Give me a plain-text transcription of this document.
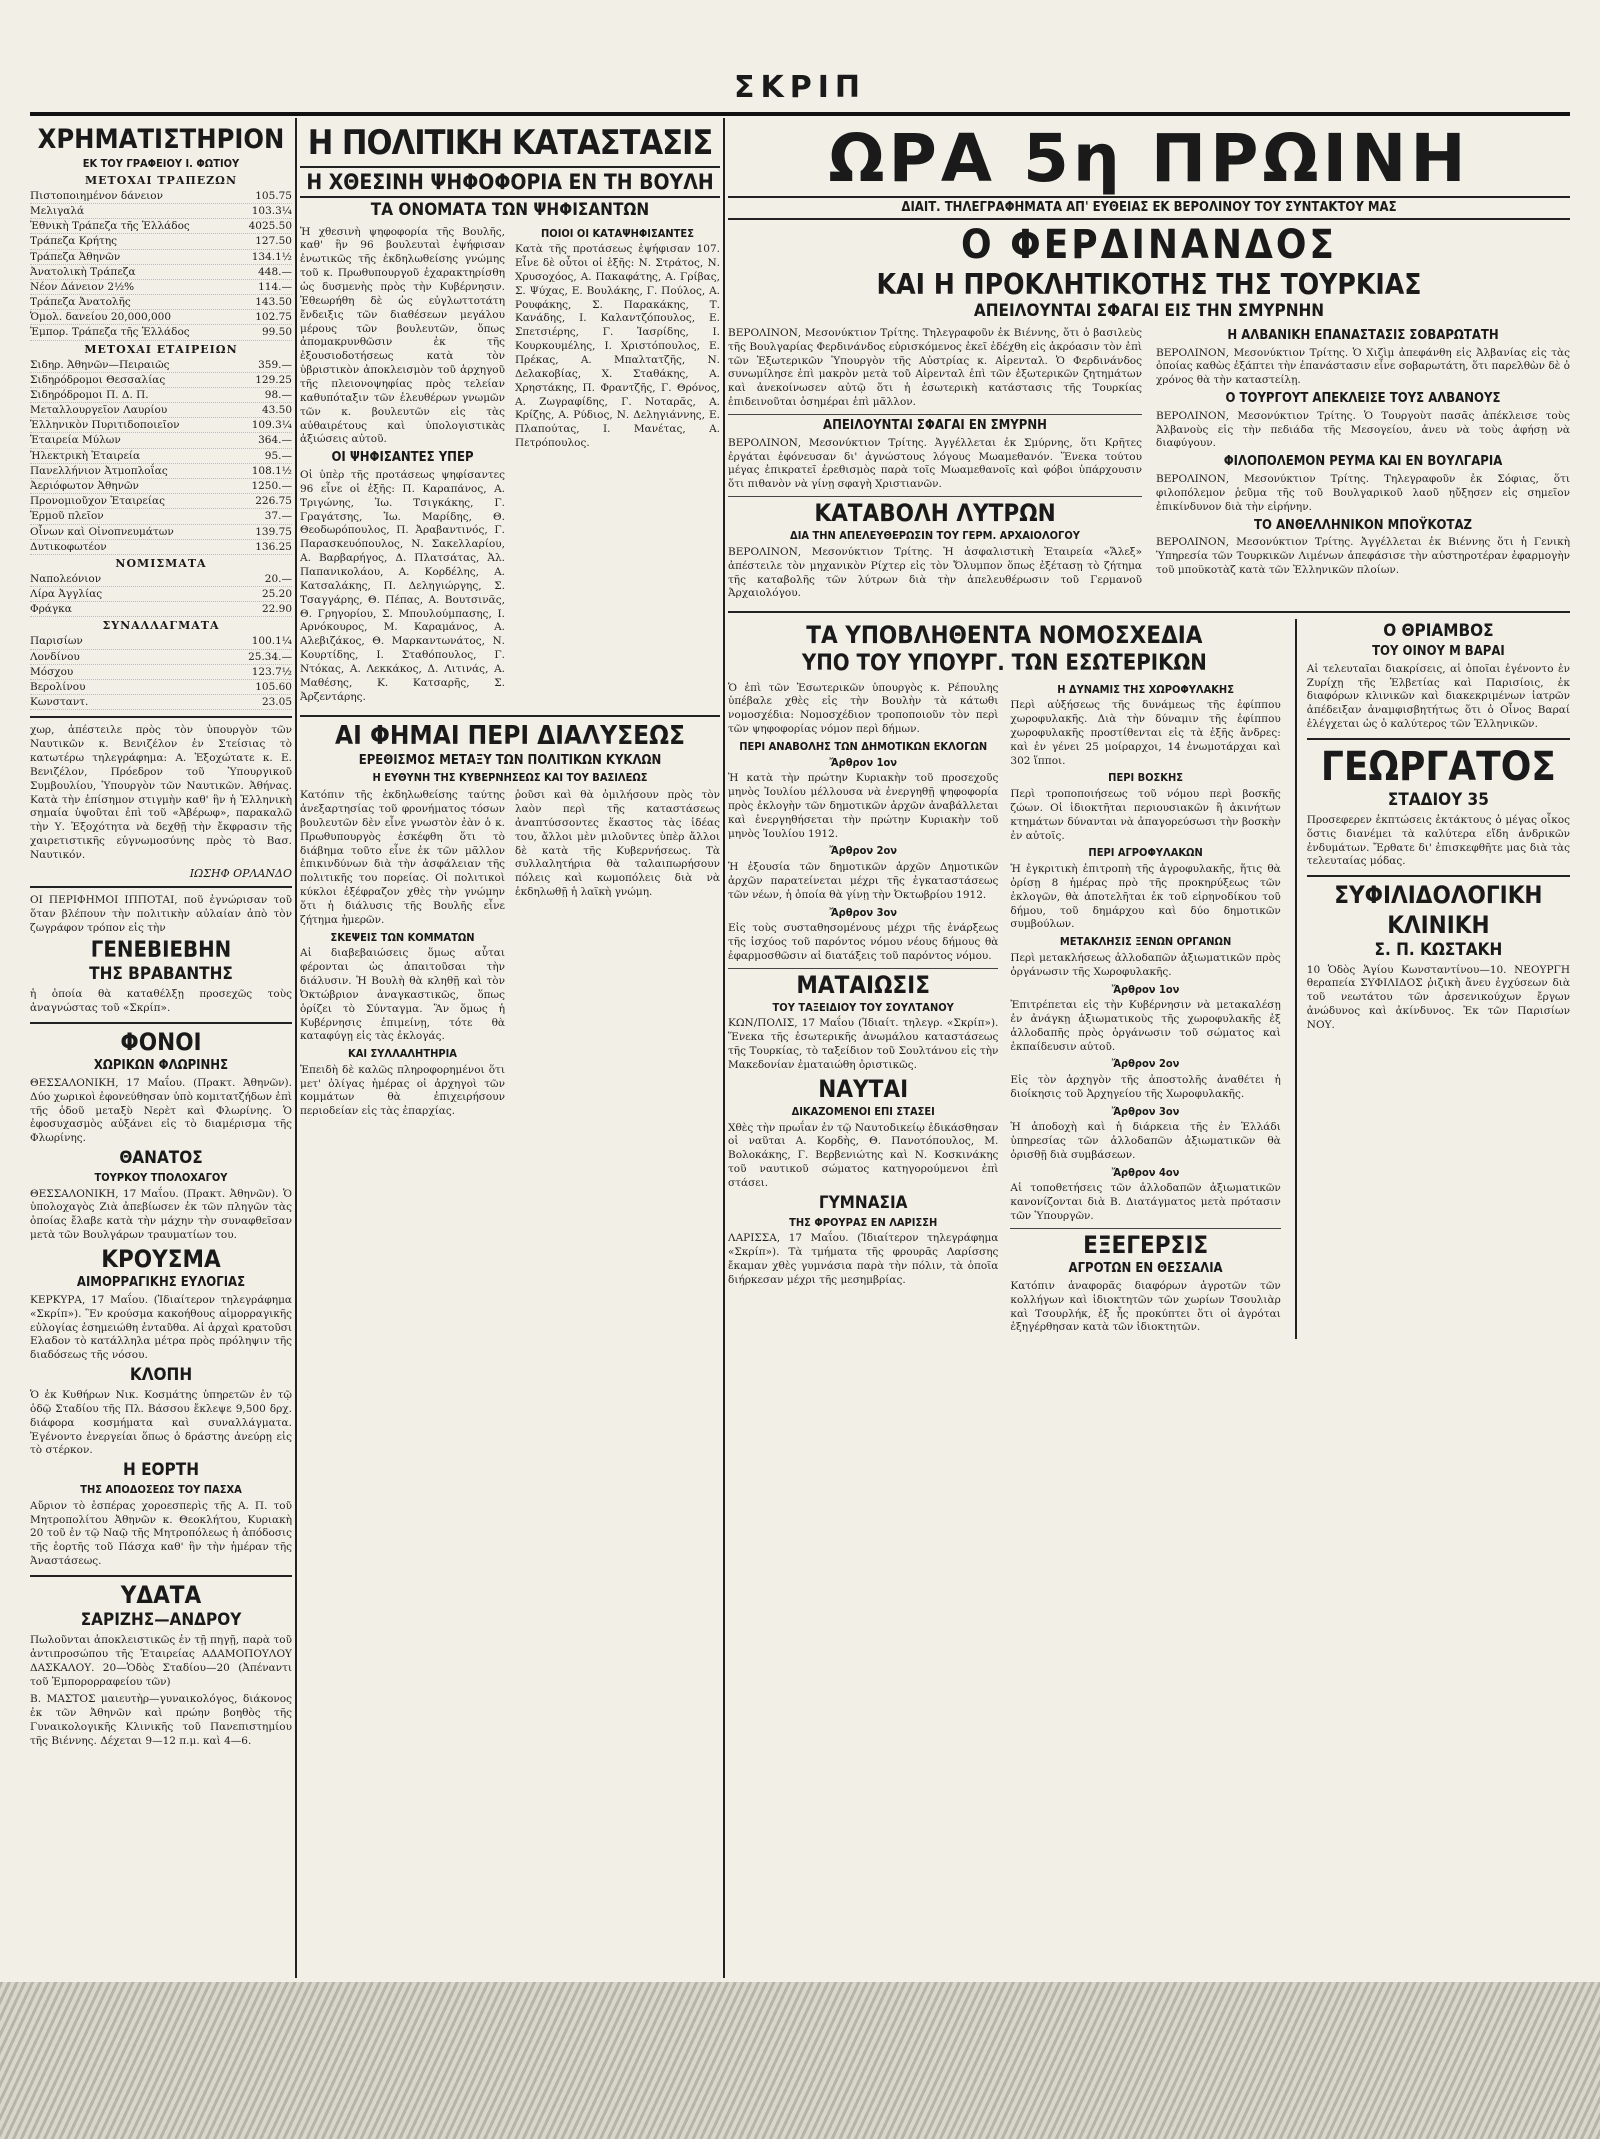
ΣΚΡΙΠ
ΧΡΗΜΑΤΙΣΤΗΡΙΟΝ
ΕΚ ΤΟΥ ΓΡΑΦΕΙΟΥ Ι. ΦΩΤΙΟΥ
ΜΕΤΟΧΑΙ ΤΡΑΠΕΖΩΝ
Πιστοποιημένον δάνειον	105.75
Μελιγαλά	103.3¼
Ἐθνικὴ Τράπεζα τῆς Ἑλλάδος	4025.50
Τράπεζα Κρήτης	127.50
Τράπεζα Ἀθηνῶν	134.1½
Ἀνατολικὴ Τράπεζα	448.—
Νέον Δάνειον 2½%	114.—
Τράπεζα Ἀνατολῆς	143.50
Ὁμολ. δανείου 20,000,000	102.75
Ἐμπορ. Τράπεζα τῆς Ἑλλάδος	99.50
ΜΕΤΟΧΑΙ ΕΤΑΙΡΕΙΩΝ
Σιδηρ. Ἀθηνῶν—Πειραιῶς	359.—
Σιδηρόδρομοι Θεσσαλίας	129.25
Σιδηρόδρομοι Π. Δ. Π.	98.—
Μεταλλουργεῖον Λαυρίου	43.50
Ἑλληνικὸν Πυριτιδοποιεῖον	109.3¼
Ἑταιρεία Μύλων	364.—
Ἠλεκτρικὴ Ἑταιρεία	95.—
Πανελλήνιον Ἀτμοπλοΐας	108.1½
Ἀεριόφωτον Ἀθηνῶν	1250.—
Προνομιοῦχον Ἑταιρείας	226.75
Ἑρμοῦ πλεῖον	37.—
Οἶνων καὶ Οἰνοπνευμάτων	139.75
Δυτικοφωτέον	136.25
ΝΟΜΙΣΜΑΤΑ
Ναπολεόνιον	20.—
Λίρα Ἀγγλίας	25.20
Φράγκα	22.90
ΣΥΝΑΛΛΑΓΜΑΤΑ
Παρισίων	100.1¼
Λονδίνου	25.34.—
Μόσχου	123.7½
Βερολίνου	105.60
Κωνσταντ.	23.05
χωρ, ἀπέστειλε πρὸς τὸν ὑπουργὸν τῶν Ναυτικῶν κ. Βενιζέλον ἐν Στείσιας τὸ κατωτέρω τηλεγράφημα: Α. Ἐξοχώτατε κ. Ε. Βενιζέλον, Πρόεδρον τοῦ Ὑπουργικοῦ Συμβουλίου, Ὑπουργὸν τῶν Ναυτικῶν. Ἀθήνας. Κατὰ τὴν ἐπίσημον στιγμὴν καθ' ἣν ἡ Ἑλληνικὴ σημαία ὑψοῦται ἐπὶ τοῦ «Ἀβέρωφ», παρακαλῶ τὴν Υ. Ἐξοχότητα νὰ δεχθῇ τὴν ἔκφρασιν τῆς χαιρετιστικῆς εὐγνωμοσύνης πρὸς τὸ Βασ. Ναυτικόν.
ΙΩΣΗΦ ΟΡΛΑΝΔΟ
ΟΙ ΠΕΡΙΦΗΜΟΙ ΙΠΠΟΤΑΙ, ποῦ ἐγνώρισαν τοῦ ὅταν βλέπουν τὴν πολιτικὴν αὐλαίαν ἀπὸ τὸν ζωγράφον τρόπον εἰς τὴν
ΓΕΝΕΒΙΕΒΗΝ
ΤΗΣ ΒΡΑΒΑΝΤΗΣ
ἡ ὁποία θὰ καταθέλξῃ προσεχῶς τοὺς ἀναγνώστας τοῦ «Σκρίπ».
ΦΟΝΟΙ
ΧΩΡΙΚΩΝ ΦΛΩΡΙΝΗΣ
ΘΕΣΣΑΛΟΝΙΚΗ, 17 Μαΐου. (Πρακτ. Ἀθηνῶν). Δύο χωρικοὶ ἐφονεύθησαν ὑπὸ κομιτατζήδων ἐπὶ τῆς ὁδοῦ μεταξὺ Νερὲτ καὶ Φλωρίνης. Ὁ ἐφοσυχασμὸς αὐξάνει εἰς τὸ διαμέρισμα τῆς Φλωρίνης.
ΘΑΝΑΤΟΣ
ΤΟΥΡΚΟΥ ΤΠΟΛΟΧΑΓΟΥ
ΘΕΣΣΑΛΟΝΙΚΗ, 17 Μαΐου. (Πρακτ. Ἀθηνῶν). Ὁ ὑπολοχαγὸς Ζιὰ ἀπεβίωσεν ἐκ τῶν πληγῶν τὰς ὁποίας ἔλαβε κατὰ τὴν μάχην τὴν συναφθεῖσαν μετὰ τῶν Βουλγάρων τραυματίων του.
ΚΡΟΥΣΜΑ
ΑΙΜΟΡΡΑΓΙΚΗΣ ΕΥΛΟΓΙΑΣ
ΚΕΡΚΥΡΑ, 17 Μαΐου. (Ἰδιαίτερον τηλεγράφημα «Σκρίπ»). Ἓν κρούσμα κακοήθους αἱμορραγικῆς εὐλογίας ἐσημειώθη ἐνταῦθα. Αἱ ἀρχαὶ κρατοῦσι Ελαδον τὸ κατάλληλα μέτρα πρὸς πρόληψιν τῆς διαδόσεως τῆς νόσου.
ΚΛΟΠΗ
Ὁ ἐκ Κυθήρων Νικ. Κοσμάτης ὑπηρετῶν ἐν τῷ ὁδῷ Σταδίου τῆς Πλ. Βάσσου ἔκλεψε 9,500 δρχ. διάφορα κοσμήματα καὶ συναλλάγματα. Ἐγένοντο ἐνεργείαι ὅπως ὁ δράστης ἀνεύρῃ εἰς τὸ στέρκον.
Η ΕΟΡΤΗ
ΤΗΣ ΑΠΟΔΟΣΕΩΣ ΤΟΥ ΠΑΣΧΑ
Αὔριον τὸ ἑσπέρας χοροεσπερὶς τῆς Α. Π. τοῦ Μητροπολίτου Ἀθηνῶν κ. Θεοκλήτου, Κυριακὴ 20 τοῦ ἐν τῷ Ναῷ τῆς Μητροπόλεως ἡ ἀπόδοσις τῆς ἑορτῆς τοῦ Πάσχα καθ' ἣν τὴν ἡμέραν τῆς Ἀναστάσεως.
ΥΔΑΤΑ
ΣΑΡΙΖΗΣ—ΑΝΔΡΟΥ
Πωλοῦνται ἀποκλειστικῶς ἐν τῇ πηγῇ, παρὰ τοῦ ἀντιπροσώπου τῆς Ἑταιρείας ΑΔΑΜΟΠΟΥΛΟΥ ΔΑΣΚΑΛΟΥ. 20—Ὁδὸς Σταδίου—20 (Ἀπέναντι τοῦ Ἐμπορορραφείου τῶν)
Β. ΜΑΣΤΟΣ μαιευτὴρ—γυναικολόγος, διάκονος ἐκ τῶν Ἀθηνῶν καὶ πρώην βοηθὸς τῆς Γυναικολογικῆς Κλινικῆς τοῦ Πανεπιστημίου τῆς Βιέννης. Δέχεται 9—12 π.μ. καὶ 4—6.
Η ΠΟΛΙΤΙΚΗ ΚΑΤΑΣΤΑΣΙΣ
Η ΧΘΕΣΙΝΗ ΨΗΦΟΦΟΡΙΑ ΕΝ ΤΗ ΒΟΥΛΗ
ΤΑ ΟΝΟΜΑΤΑ ΤΩΝ ΨΗΦΙΣΑΝΤΩΝ
Ἡ χθεσινὴ ψηφοφορία τῆς Βουλῆς, καθ' ἣν 96 βουλευταὶ ἐψήφισαν ἐνωτικῶς τῆς ἐκδηλωθείσης γνώμης τοῦ κ. Πρωθυπουργοῦ ἐχαρακτηρίσθη ὡς δυσμενὴς πρὸς τὴν Κυβέρνησιν. Ἐθεωρήθη δὲ ὡς εὐγλωττοτάτη ἔνδειξις τῶν διαθέσεων μεγάλου μέρους τῶν βουλευτῶν, ὅπως ἀπομακρυνθῶσιν ἐκ τῆς ἐξουσιοδοτήσεως κατὰ τὸν ὑβριστικὸν ἀποκλεισμὸν τοῦ ἀρχηγοῦ τῆς πλειονοψηφίας πρὸς τελείαν καθυπόταξιν τῶν ἐλευθέρων γνωμῶν τῶν κ. βουλευτῶν εἰς τὰς αὐθαιρέτους καὶ ὑπολογιστικὰς ἀξιώσεις αὐτοῦ.
ΟΙ ΨΗΦΙΣΑΝΤΕΣ ΥΠΕΡ
Οἱ ὑπὲρ τῆς προτάσεως ψηφίσαντες 96 εἶνε οἱ ἑξῆς: Π. Καραπάνος, Α. Τριγώνης, Ἰω. Τσιγκάκης, Γ. Γραγάτσης, Ἰω. Μαρίδης, Θ. Θεοδωρόπουλος, Π. Ἀραβαντινός, Γ. Παρασκευόπουλος, Ν. Σακελλαρίου, Α. Βαρβαρήγος, Δ. Πλατσάτας, Ἀλ. Παπανικολάου, Α. Κορδέλης, Α. Κατσαλάκης, Π. Δεληγιώργης, Σ. Τσαγγάρης, Θ. Πέπας, Α. Βουτσινᾶς, Θ. Γρηγορίου, Σ. Μπουλούμπασης, Ι. Αρνόκουρος, Μ. Καραμάνος, Α. Αλεβιζάκος, Θ. Μαρκαντωνάτος, Ν. Κουρτίδης, Ι. Σταθόπουλος, Γ. Ντόκας, Α. Λεκκάκος, Δ. Λιτινάς, Α. Μαθέσης, Κ. Κατσαρῆς, Σ. Ἀρζεντάρης.
ΠΟΙΟΙ ΟΙ ΚΑΤΑΨΗΦΙΣΑΝΤΕΣ
Κατὰ τῆς προτάσεως ἐψήφισαν 107. Εἶνε δὲ οὗτοι οἱ ἑξῆς: Ν. Στράτος, Ν. Χρυσοχόος, Α. Πακαφάτης, Α. Γρίβας, Σ. Ψύχας, Ε. Βουλάκης, Γ. Πούλος, Α. Ρουφάκης, Σ. Παρακάκης, Τ. Κανάδης, Ι. Καλαντζόπουλος, Ε. Σπετσιέρης, Γ. Ἰασρίδης, Ι. Κουρκουμέλης, Ι. Χριστόπουλος, Ε. Πρέκας, Α. Μπαλτατζῆς, Ν. Δελακοβίας, Χ. Σταθάκης, Α. Χρηστάκης, Π. Φραντζῆς, Γ. Θρόνος, Α. Ζωγραφίδης, Γ. Νοταρᾶς, Α. Κρίζης, Α. Ρύδιος, Ν. Δεληγιάννης, Ε. Πλαπούτας, Ι. Μανέτας, Α. Πετρόπουλος.
ΑΙ ΦΗΜΑΙ ΠΕΡΙ ΔΙΑΛΥΣΕΩΣ
ΕΡΕΘΙΣΜΟΣ ΜΕΤΑΞΥ ΤΩΝ ΠΟΛΙΤΙΚΩΝ ΚΥΚΛΩΝ
Η ΕΥΘΥΝΗ ΤΗΣ ΚΥΒΕΡΝΗΣΕΩΣ ΚΑΙ ΤΟΥ ΒΑΣΙΛΕΩΣ
Κατόπιν τῆς ἐκδηλωθείσης ταύτης ἀνεξαρτησίας τοῦ φρονήματος τόσων βουλευτῶν δὲν εἶνε γνωστὸν ἐὰν ὁ κ. Πρωθυπουργὸς ἐσκέφθη ὅτι τὸ διάβημα τοῦτο εἶνε ἐκ τῶν μᾶλλον ἐπικινδύνων διὰ τὴν ἀσφάλειαν τῆς πολιτικῆς του πορείας. Οἱ πολιτικοὶ κύκλοι ἐξέφραζον χθὲς τὴν γνώμην ὅτι ἡ διάλυσις τῆς Βουλῆς εἶνε ζήτημα ἡμερῶν.
ΣΚΕΨΕΙΣ ΤΩΝ ΚΟΜΜΑΤΩΝ
Αἱ διαβεβαιώσεις ὅμως αὗται φέρονται ὡς ἀπαιτοῦσαι τὴν διάλυσιν. Ἡ Βουλὴ θὰ κληθῇ καὶ τὸν Ὀκτώβριον ἀναγκαστικῶς, ὅπως ὁρίζει τὸ Σύνταγμα. Ἂν ὅμως ἡ Κυβέρνησις ἐπιμείνῃ, τότε θὰ καταφύγῃ εἰς τὰς ἐκλογάς.
ΚΑΙ ΣΥΛΛΑΛΗΤΗΡΙΑ
Ἐπειδὴ δὲ καλῶς πληροφορημένοι ὅτι μετ' ὀλίγας ἡμέρας οἱ ἀρχηγοὶ τῶν κομμάτων θὰ ἐπιχειρήσουν περιοδείαν εἰς τὰς ἐπαρχίας.
ῥοῦσι καὶ θὰ ὁμιλήσουν πρὸς τὸν λαὸν περὶ τῆς καταστάσεως ἀναπτύσσοντες ἕκαστος τὰς ἰδέας του, ἄλλοι μὲν μιλοῦντες ὑπὲρ ἄλλοι δὲ κατὰ τῆς Κυβερνήσεως. Τὰ συλλαλητήρια θὰ ταλαιπωρήσουν πόλεις καὶ κωμοπόλεις διὰ νὰ ἐκδηλωθῇ ἡ λαϊκὴ γνώμη.
ΩΡΑ 5η ΠΡΩΙΝΗ
ΔΙΑΙΤ. ΤΗΛΕΓΡΑΦΗΜΑΤΑ ΑΠ' ΕΥΘΕΙΑΣ ΕΚ ΒΕΡΟΛΙΝΟΥ ΤΟΥ ΣΥΝΤΑΚΤΟΥ ΜΑΣ
Ο ΦΕΡΔΙΝΑΝΔΟΣ
ΚΑΙ Η ΠΡΟΚΛΗΤΙΚΟΤΗΣ ΤΗΣ ΤΟΥΡΚΙΑΣ
ΑΠΕΙΛΟΥΝΤΑΙ ΣΦΑΓΑΙ ΕΙΣ ΤΗΝ ΣΜΥΡΝΗΝ
ΒΕΡΟΛΙΝΟΝ, Μεσονύκτιον Τρίτης. Τηλεγραφοῦν ἐκ Βιέννης, ὅτι ὁ βασιλεὺς τῆς Βουλγαρίας Φερδινάνδος εὑρισκόμενος ἐκεῖ ἐδέχθη εἰς ἀκρόασιν τὸν ἐπὶ τῶν Ἐξωτερικῶν Ὑπουργὸν τῆς Αὐστρίας κ. Αἰρενταλ. Ὁ Φερδινάνδος συνωμίλησε ἐπὶ μακρὸν μετὰ τοῦ Αἰρενταλ ἐπὶ τῶν ἐξωτερικῶν ζητημάτων καὶ ἀνεκοίνωσεν αὐτῷ ὅτι ἡ ἐσωτερικὴ κατάστασις τῆς Τουρκίας ἐπιδεινοῦται ὁσημέραι ἐπὶ μᾶλλον.
ΑΠΕΙΛΟΥΝΤΑΙ ΣΦΑΓΑΙ ΕΝ ΣΜΥΡΝΗ
ΒΕΡΟΛΙΝΟΝ, Μεσονύκτιον Τρίτης. Ἀγγέλλεται ἐκ Σμύρνης, ὅτι Κρῆτες ἐργάται ἐφόνευσαν δι' ἀγνώστους λόγους Μωαμεθανόν. Ἕνεκα τούτου μέγας ἐπικρατεῖ ἐρεθισμὸς παρὰ τοῖς Μωαμεθανοῖς καὶ φόβοι ὑπάρχουσιν ὅτι πιθανὸν νὰ γίνῃ σφαγὴ Χριστιανῶν.
ΚΑΤΑΒΟΛΗ ΛΥΤΡΩΝ
ΔΙΑ ΤΗΝ ΑΠΕΛΕΥΘΕΡΩΣΙΝ ΤΟΥ ΓΕΡΜ. ΑΡΧΑΙΟΛΟΓΟΥ
ΒΕΡΟΛΙΝΟΝ, Μεσονύκτιον Τρίτης. Ἡ ἀσφαλιστικὴ Ἑταιρεία «Ἄλεξ» ἀπέστειλε τὸν μηχανικὸν Ρίχτερ εἰς τὸν Ὄλυμπον ὅπως ἐξέτασῃ τὸ ζήτημα τῆς καταβολῆς τῶν λύτρων διὰ τὴν ἀπελευθέρωσιν τοῦ Γερμανοῦ Ἀρχαιολόγου.
Η ΑΛΒΑΝΙΚΗ ΕΠΑΝΑΣΤΑΣΙΣ ΣΟΒΑΡΩΤΑΤΗ
ΒΕΡΟΛΙΝΟΝ, Μεσονύκτιον Τρίτης. Ὁ Χιζὶμ ἀπεφάνθη εἰς Ἀλβανίας εἰς τὰς ὁποίας καθὼς ἐξάπτει τὴν ἐπανάστασιν εἶνε σοβαρωτάτη, ὅτι παρελθὼν δὲ ὁ χρόνος θὰ τὴν καταστείλῃ.
Ο ΤΟΥΡΓΟΥΤ ΑΠΕΚΛΕΙΣΕ ΤΟΥΣ ΑΛΒΑΝΟΥΣ
ΒΕΡΟΛΙΝΟΝ, Μεσονύκτιον Τρίτης. Ὁ Τουργοὺτ πασᾶς ἀπέκλεισε τοὺς Ἀλβανοὺς εἰς τὴν πεδιάδα τῆς Μεσογείου, ἀνευ νὰ τοὺς ἀφήσῃ νὰ διαφύγουν.
ΦΙΛΟΠΟΛΕΜΟΝ ΡΕΥΜΑ ΚΑΙ ΕΝ ΒΟΥΛΓΑΡΙΑ
ΒΕΡΟΛΙΝΟΝ, Μεσονύκτιον Τρίτης. Τηλεγραφοῦν ἐκ Σόφιας, ὅτι φιλοπόλεμον ῥεῦμα τῆς τοῦ Βουλγαρικοῦ λαοῦ ηὔξησεν εἰς σημεῖον ἐπικίνδυνον διὰ τὴν εἰρήνην.
ΤΟ ΑΝΘΕΛΛΗΝΙΚΟΝ ΜΠΟΫΚΟΤΑΖ
ΒΕΡΟΛΙΝΟΝ, Μεσονύκτιον Τρίτης. Ἀγγέλλεται ἐκ Βιέννης ὅτι ἡ Γενικὴ Ὑπηρεσία τῶν Τουρκικῶν Λιμένων ἀπεφάσισε τὴν αὐστηροτέραν ἐφαρμογὴν τοῦ μποϋκοτὰζ κατὰ τῶν Ἑλληνικῶν πλοίων.
ΤΑ ΥΠΟΒΛΗΘΕΝΤΑ ΝΟΜΟΣΧΕΔΙΑ
ΥΠΟ ΤΟΥ ΥΠΟΥΡΓ. ΤΩΝ ΕΣΩΤΕΡΙΚΩΝ
Ὁ ἐπὶ τῶν Ἐσωτερικῶν ὑπουργὸς κ. Ρέπουλης ὑπέβαλε χθὲς εἰς τὴν Βουλὴν τὰ κάτωθι νομοσχέδια: Νομοσχέδιον τροποποιοῦν τὸν περὶ τῶν ψηφοφορίας νόμον περὶ δήμων.
ΠΕΡΙ ΑΝΑΒΟΛΗΣ ΤΩΝ ΔΗΜΟΤΙΚΩΝ ΕΚΛΟΓΩΝ
Ἄρθρον 1ον
Ἡ κατὰ τὴν πρώτην Κυριακὴν τοῦ προσεχοῦς μηνὸς Ἰουλίου μέλλουσα νὰ ἐνεργηθῇ ψηφοφορία πρὸς ἐκλογὴν τῶν δημοτικῶν ἀρχῶν ἀναβάλλεται καὶ ἐνεργηθήσεται τὴν πρώτην Κυριακὴν τοῦ μηνὸς Ἰουλίου 1912.
Ἄρθρον 2ον
Ἡ ἐξουσία τῶν δημοτικῶν ἀρχῶν Δημοτικῶν ἀρχῶν παρατείνεται μέχρι τῆς ἐγκαταστάσεως τῶν νέων, ἡ ὁποία θὰ γίνῃ τὴν Ὀκτωβρίου 1912.
Ἄρθρον 3ον
Εἰς τοὺς συσταθησομένους μέχρι τῆς ἐνάρξεως τῆς ἰσχύος τοῦ παρόντος νόμου νέους δήμους θὰ ἐφαρμοσθῶσιν αἱ διατάξεις τοῦ παρόντος νόμου.
ΜΑΤΑΙΩΣΙΣ
ΤΟΥ ΤΑΞΕΙΔΙΟΥ ΤΟΥ ΣΟΥΛΤΑΝΟΥ
ΚΩΝ/ΠΟΛΙΣ, 17 Μαΐου (Ἰδιαίτ. τηλεγρ. «Σκρίπ»). Ἕνεκα τῆς ἐσωτερικῆς ἀνωμάλου καταστάσεως τῆς Τουρκίας, τὸ ταξείδιον τοῦ Σουλτάνου εἰς τὴν Μακεδονίαν ἐματαιώθη ὁριστικῶς.
ΝΑΥΤΑΙ
ΔΙΚΑΖΟΜΕΝΟΙ ΕΠΙ ΣΤΑΣΕΙ
Χθὲς τὴν πρωΐαν ἐν τῷ Ναυτοδικείῳ ἐδικάσθησαν οἱ ναῦται Α. Κορδὴς, Θ. Πανοτόπουλος, Μ. Βολοκάκης, Γ. Βερβενιώτης καὶ Ν. Κοσκινάκης τοῦ ναυτικοῦ σώματος κατηγορούμενοι ἐπὶ στάσει.
ΓΥΜΝΑΣΙΑ
ΤΗΣ ΦΡΟΥΡΑΣ ΕΝ ΛΑΡΙΣΣΗ
ΛΑΡΙΣΣΑ, 17 Μαΐου. (Ἰδιαίτερον τηλεγράφημα «Σκρίπ»). Τὰ τμήματα τῆς φρουρᾶς Λαρίσσης ἔκαμαν χθὲς γυμνάσια παρὰ τὴν πόλιν, τὰ ὁποῖα διήρκεσαν μέχρι τῆς μεσημβρίας.
Η ΔΥΝΑΜΙΣ ΤΗΣ ΧΩΡΟΦΥΛΑΚΗΣ
Περὶ αὐξήσεως τῆς δυνάμεως τῆς ἐφίππου χωροφυλακῆς. Διὰ τὴν δύναμιν τῆς ἐφίππου χωροφυλακῆς προστίθενται εἰς τὰ ἐξῆς ἄνδρες: καὶ ἐν γένει 25 μοίραρχοι, 14 ἐνωμοτάρχαι καὶ 302 ἵπποι.
ΠΕΡΙ ΒΟΣΚΗΣ
Περὶ τροποποιήσεως τοῦ νόμου περὶ βοσκῆς ζώων. Οἱ ἰδιοκτῆται περιουσιακῶν ἢ ἀκινήτων κτημάτων δύνανται νὰ ἀπαγορεύσωσι τὴν βοσκὴν ἐν αὐτοῖς.
ΠΕΡΙ ΑΓΡΟΦΥΛΑΚΩΝ
Ἡ ἐγκριτικὴ ἐπιτροπὴ τῆς ἀγροφυλακῆς, ἥτις θὰ ὁρίσῃ 8 ἡμέρας πρὸ τῆς προκηρύξεως τῶν ἐκλογῶν, θὰ ἀποτελῆται ἐκ τοῦ εἰρηνοδίκου τοῦ δήμου, τοῦ δημάρχου καὶ δύο δημοτικῶν συμβούλων.
ΜΕΤΑΚΛΗΣΙΣ ΞΕΝΩΝ ΟΡΓΑΝΩΝ
Περὶ μετακλήσεως ἀλλοδαπῶν ἀξιωματικῶν πρὸς ὀργάνωσιν τῆς Χωροφυλακῆς.
Ἄρθρον 1ον
Ἐπιτρέπεται εἰς τὴν Κυβέρνησιν νὰ μετακαλέσῃ ἐν ἀνάγκῃ ἀξιωματικοὺς τῆς χωροφυλακῆς ἐξ ἀλλοδαπῆς πρὸς ὀργάνωσιν τοῦ σώματος καὶ ἐκπαίδευσιν αὐτοῦ.
Ἄρθρον 2ον
Εἰς τὸν ἀρχηγὸν τῆς ἀποστολῆς ἀναθέτει ἡ διοίκησις τοῦ Ἀρχηγείου τῆς Χωροφυλακῆς.
Ἄρθρον 3ον
Ἡ ἀποδοχὴ καὶ ἡ διάρκεια τῆς ἐν Ἑλλάδι ὑπηρεσίας τῶν ἀλλοδαπῶν ἀξιωματικῶν θὰ ὁρισθῇ διὰ συμβάσεων.
Ἄρθρον 4ον
Αἱ τοποθετήσεις τῶν ἀλλοδαπῶν ἀξιωματικῶν κανονίζονται διὰ Β. Διατάγματος μετὰ πρότασιν τῶν Ὑπουργῶν.
ΕΞΕΓΕΡΣΙΣ
ΑΓΡΟΤΩΝ ΕΝ ΘΕΣΣΑΛΙΑ
Κατόπιν ἀναφορᾶς διαφόρων ἀγροτῶν τῶν κολλήγων καὶ ἰδιοκτητῶν τῶν χωρίων Τσουλιὰρ καὶ Τσουρλήκ, ἐξ ἧς προκύπτει ὅτι οἱ ἀγρόται ἐξηγέρθησαν κατὰ τῶν ἰδιοκτητῶν.
Ο ΘΡΙΑΜΒΟΣ
ΤΟΥ ΟΙΝΟΥ Μ ΒΑΡΑΙ
Αἱ τελευταῖαι διακρίσεις, αἱ ὁποῖαι ἐγένοντο ἐν Ζυρίχῃ τῆς Ἑλβετίας καὶ Παρισίοις, ἐκ διαφόρων κλινικῶν καὶ διακεκριμένων ἰατρῶν ἀπέδειξαν ἀναμφισβητήτως ὅτι ὁ Οἶνος Βαραί ἐλέγχεται ὡς ὁ καλύτερος τῶν Ἑλληνικῶν.
ΓΕΩΡΓΑΤΟΣ
ΣΤΑΔΙΟΥ 35
Προσεφερεν ἐκπτώσεις ἐκτάκτους ὁ μέγας οἶκος ὅστις διανέμει τὰ καλύτερα εἴδη ἀνδρικῶν ἐνδυμάτων. Ἔρθατε δι' ἐπισκεφθῆτε μας διὰ τὰς τελευταίας μόδας.
ΣΥΦΙΛΙΔΟΛΟΓΙΚΗ
ΚΛΙΝΙΚΗ
Σ. Π. ΚΩΣΤΑΚΗ
10 Ὁδὸς Ἁγίου Κωνσταντίνου—10. ΝΕΟΥΡΓΗ θεραπεία ΣΥΦΙΛΙΔΟΣ ῥιζικὴ ἄνευ ἐγχύσεων διὰ τοῦ νεωτάτου τῶν ἀρσενικούχων ἔργων ἀνώδυνος καὶ ἀκίνδυνος. Ἐκ τῶν Παρισίων ΝΟΥ.
